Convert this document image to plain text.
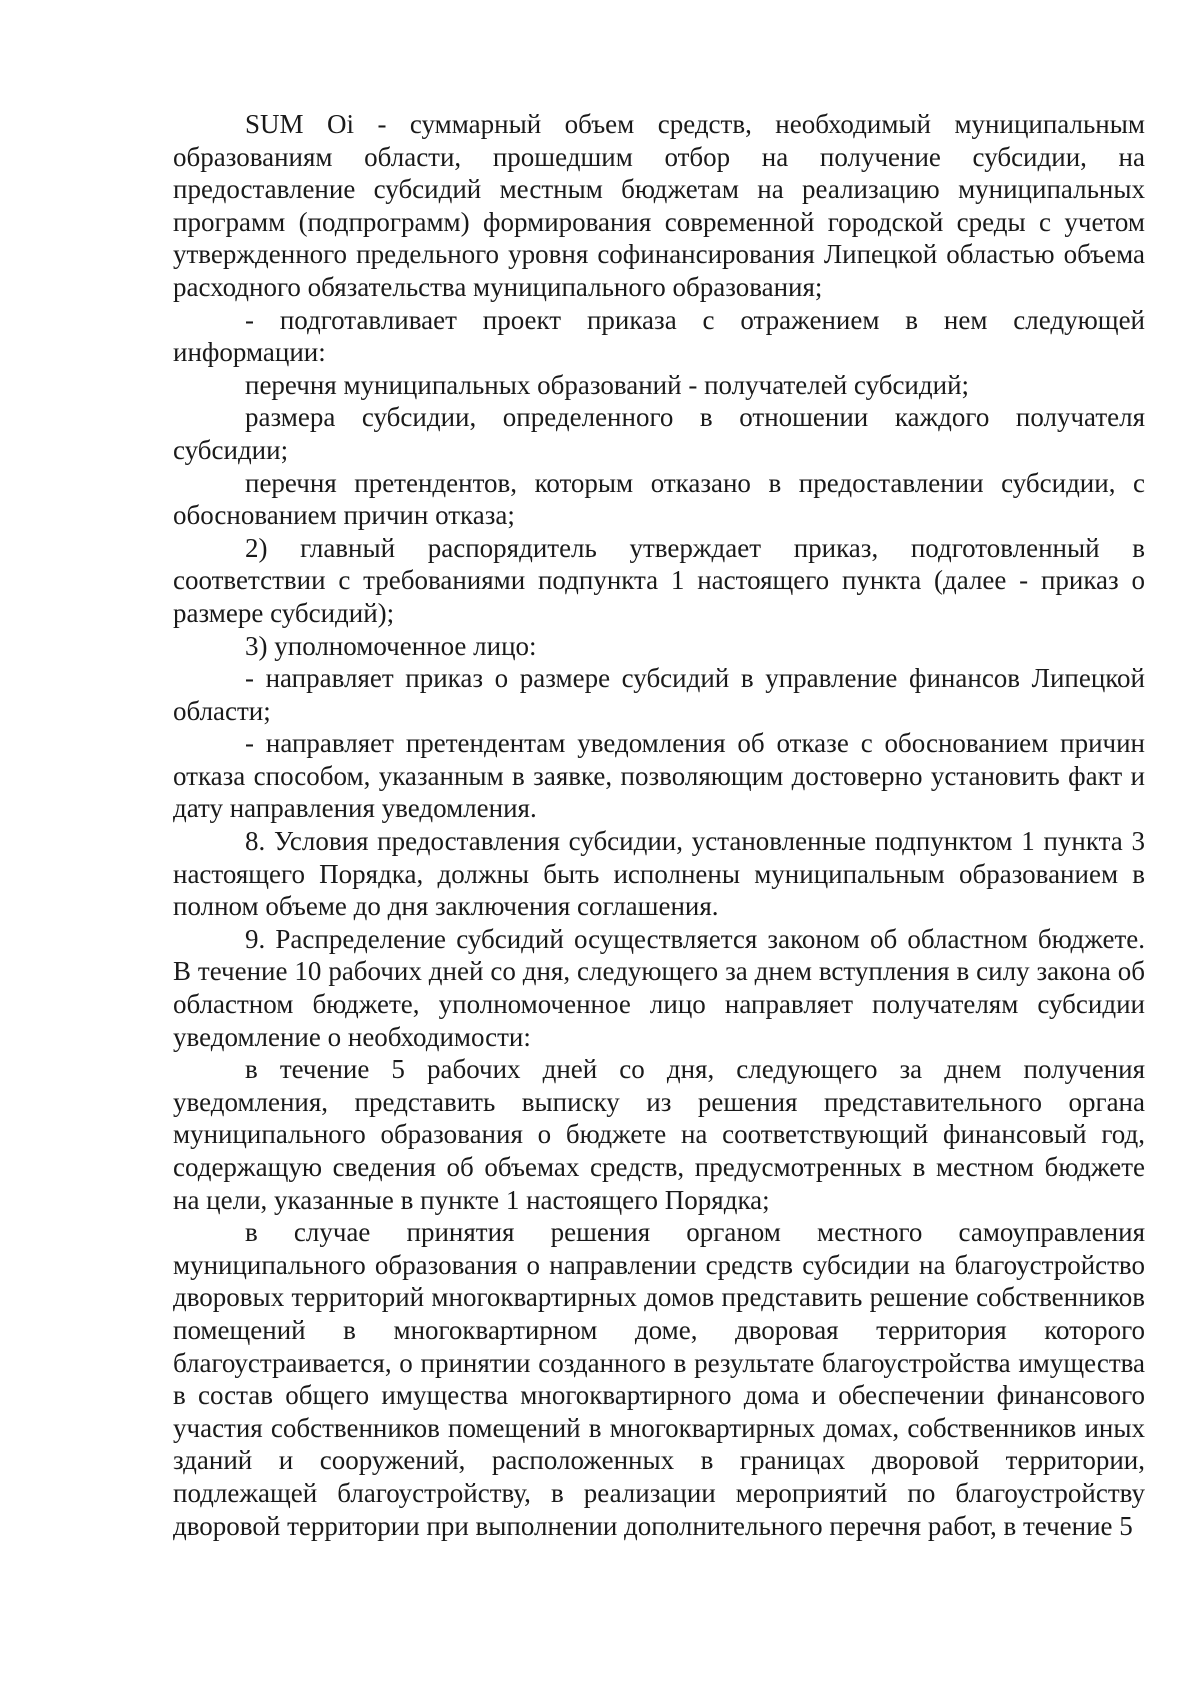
SUM Oi - суммарный объем средств, необходимый муниципальным образованиям области, прошедшим отбор на получение субсидии, на предоставление субсидий местным бюджетам на реализацию муниципальных программ (подпрограмм) формирования современной городской среды с учетом утвержденного предельного уровня софинансирования Липецкой областью объема расходного обязательства муниципального образования;

- подготавливает проект приказа с отражением в нем следующей информации:

перечня муниципальных образований - получателей субсидий;

размера субсидии, определенного в отношении каждого получателя субсидии;

перечня претендентов, которым отказано в предоставлении субсидии, с обоснованием причин отказа;

2) главный распорядитель утверждает приказ, подготовленный в соответствии с требованиями подпункта 1 настоящего пункта (далее - приказ о размере субсидий);

3) уполномоченное лицо:

- направляет приказ о размере субсидий в управление финансов Липецкой области;

- направляет претендентам уведомления об отказе с обоснованием причин отказа способом, указанным в заявке, позволяющим достоверно установить факт и дату направления уведомления.

8. Условия предоставления субсидии, установленные подпунктом 1 пункта 3 настоящего Порядка, должны быть исполнены муниципальным образованием в полном объеме до дня заключения соглашения.

9. Распределение субсидий осуществляется законом об областном бюджете. В течение 10 рабочих дней со дня, следующего за днем вступления в силу закона об областном бюджете, уполномоченное лицо направляет получателям субсидии уведомление о необходимости:

в течение 5 рабочих дней со дня, следующего за днем получения уведомления, представить выписку из решения представительного органа муниципального образования о бюджете на соответствующий финансовый год, содержащую сведения об объемах средств, предусмотренных в местном бюджете на цели, указанные в пункте 1 настоящего Порядка;

в случае принятия решения органом местного самоуправления муниципального образования о направлении средств субсидии на благоустройство дворовых территорий многоквартирных домов представить решение собственников помещений в многоквартирном доме, дворовая территория которого благоустраивается, о принятии созданного в результате благоустройства имущества в состав общего имущества многоквартирного дома и обеспечении финансового участия собственников помещений в многоквартирных домах, собственников иных зданий и сооружений, расположенных в границах дворовой территории, подлежащей благоустройству, в реализации мероприятий по благоустройству дворовой территории при выполнении дополнительного перечня работ, в течение 5
